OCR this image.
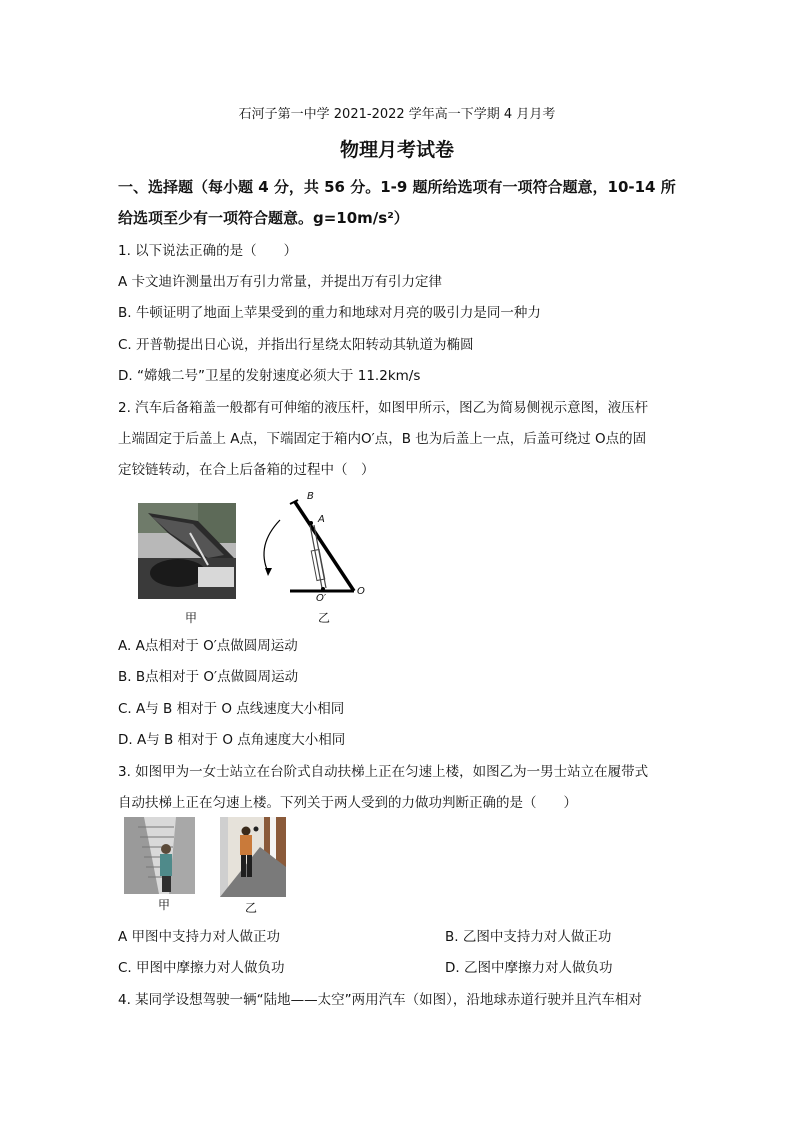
石河子第一中学 2021-2022 学年高一下学期 4 月月考
物理月考试卷
一、选择题（每小题 4 分，共 56 分。1-9 题所给选项有一项符合题意，10-14 所
给选项至少有一项符合题意。g=10m/s²）
1. 以下说法正确的是（　　）
A 卡文迪许测量出万有引力常量，并提出万有引力定律
B. 牛顿证明了地面上苹果受到的重力和地球对月亮的吸引力是同一种力
C. 开普勒提出日心说，并指出行星绕太阳转动其轨道为椭圆
D. “嫦娥二号”卫星的发射速度必须大于 11.2km/s
2. 汽车后备箱盖一般都有可伸缩的液压杆，如图甲所示，图乙为简易侧视示意图，液压杆
上端固定于后盖上 A点，下端固定于箱内O′点，B 也为后盖上一点，后盖可绕过 O点的固
定铰链转动，在合上后备箱的过程中（　）
甲
B
A
O
O′
乙
A. A点相对于 O′点做圆周运动
B. B点相对于 O′点做圆周运动
C. A与 B 相对于 O 点线速度大小相同
D. A与 B 相对于 O 点角速度大小相同
3. 如图甲为一女士站立在台阶式自动扶梯上正在匀速上楼，如图乙为一男士站立在履带式
自动扶梯上正在匀速上楼。下列关于两人受到的力做功判断正确的是（　　）
甲	乙
A 甲图中支持力对人做正功	B. 乙图中支持力对人做正功
C. 甲图中摩擦力对人做负功	D. 乙图中摩擦力对人做负功
4. 某同学设想驾驶一辆“陆地——太空”两用汽车（如图），沿地球赤道行驶并且汽车相对
